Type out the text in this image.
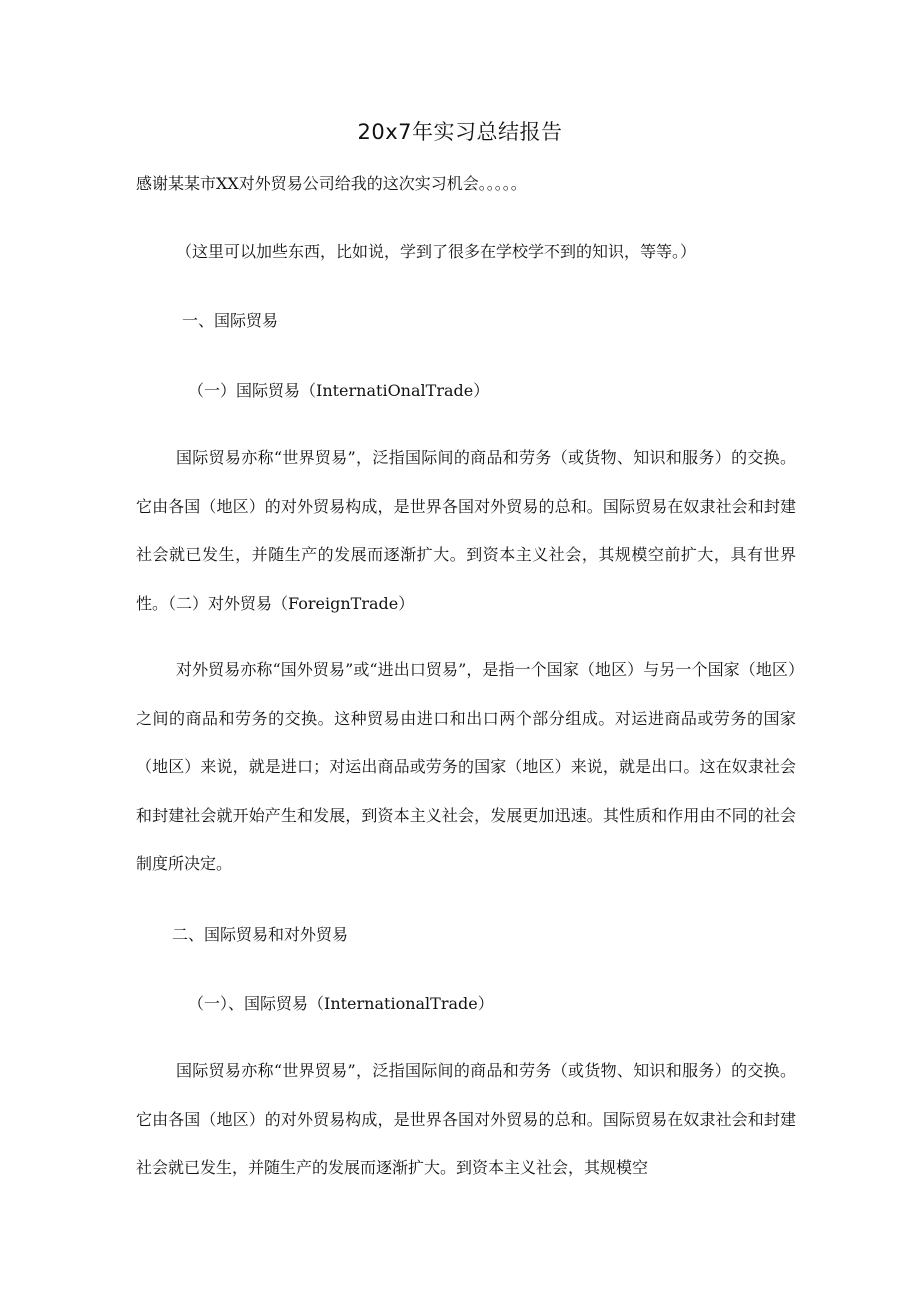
20x7年实习总结报告

感谢某某市XX对外贸易公司给我的这次实习机会。。。。。

（这里可以加些东西，比如说，学到了很多在学校学不到的知识，等等。）

一、国际贸易

（一）国际贸易（InternatiOnalTrade）

国际贸易亦称“世界贸易”，泛指国际间的商品和劳务（或货物、知识和服务）的交换。它由各国（地区）的对外贸易构成，是世界各国对外贸易的总和。国际贸易在奴隶社会和封建社会就已发生，并随生产的发展而逐渐扩大。到资本主义社会，其规模空前扩大，具有世界性。（二）对外贸易（ForeignTrade）

对外贸易亦称“国外贸易”或“进出口贸易”，是指一个国家（地区）与另一个国家（地区）之间的商品和劳务的交换。这种贸易由进口和出口两个部分组成。对运进商品或劳务的国家（地区）来说，就是进口；对运出商品或劳务的国家（地区）来说，就是出口。这在奴隶社会和封建社会就开始产生和发展，到资本主义社会，发展更加迅速。其性质和作用由不同的社会制度所决定。

二、国际贸易和对外贸易

（一）、国际贸易（InternationalTrade）

国际贸易亦称“世界贸易”，泛指国际间的商品和劳务（或货物、知识和服务）的交换。它由各国（地区）的对外贸易构成，是世界各国对外贸易的总和。国际贸易在奴隶社会和封建社会就已发生，并随生产的发展而逐渐扩大。到资本主义社会，其规模空
